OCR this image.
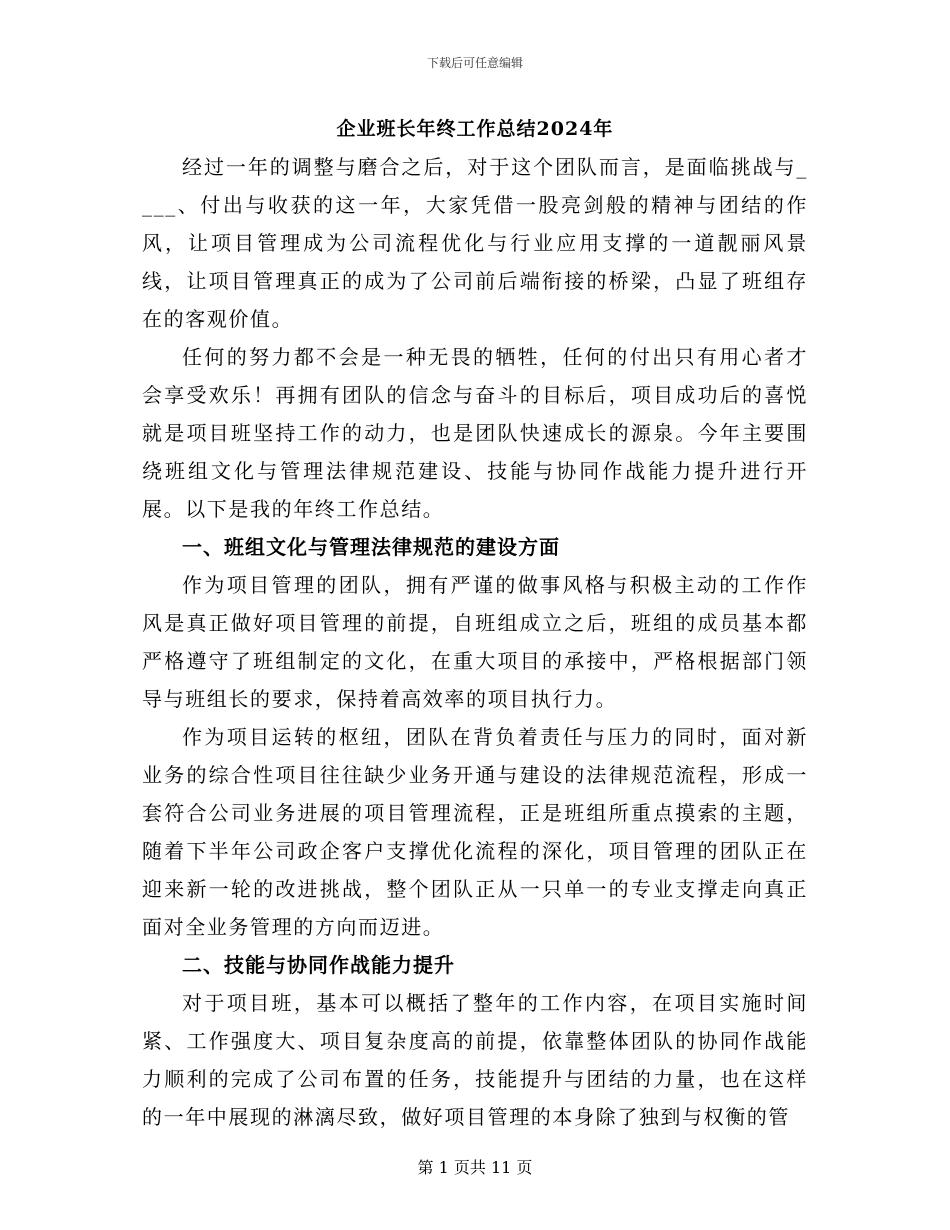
下载后可任意编辑
企业班长年终工作总结2024年

经过一年的调整与磨合之后，对于这个团队而言，是面临挑战与____、付出与收获的这一年，大家凭借一股亮剑般的精神与团结的作风，让项目管理成为公司流程优化与行业应用支撑的一道靓丽风景线，让项目管理真正的成为了公司前后端衔接的桥梁，凸显了班组存在的客观价值。

任何的努力都不会是一种无畏的牺牲，任何的付出只有用心者才会享受欢乐！再拥有团队的信念与奋斗的目标后，项目成功后的喜悦就是项目班坚持工作的动力，也是团队快速成长的源泉。今年主要围绕班组文化与管理法律规范建设、技能与协同作战能力提升进行开展。以下是我的年终工作总结。

一、班组文化与管理法律规范的建设方面

作为项目管理的团队，拥有严谨的做事风格与积极主动的工作作风是真正做好项目管理的前提，自班组成立之后，班组的成员基本都严格遵守了班组制定的文化，在重大项目的承接中，严格根据部门领导与班组长的要求，保持着高效率的项目执行力。

作为项目运转的枢纽，团队在背负着责任与压力的同时，面对新业务的综合性项目往往缺少业务开通与建设的法律规范流程，形成一套符合公司业务进展的项目管理流程，正是班组所重点摸索的主题，随着下半年公司政企客户支撑优化流程的深化，项目管理的团队正在迎来新一轮的改进挑战，整个团队正从一只单一的专业支撑走向真正面对全业务管理的方向而迈进。

二、技能与协同作战能力提升

对于项目班，基本可以概括了整年的工作内容，在项目实施时间紧、工作强度大、项目复杂度高的前提，依靠整体团队的协同作战能力顺利的完成了公司布置的任务，技能提升与团结的力量，也在这样的一年中展现的淋漓尽致，做好项目管理的本身除了独到与权衡的管

第 1 页共 11 页
